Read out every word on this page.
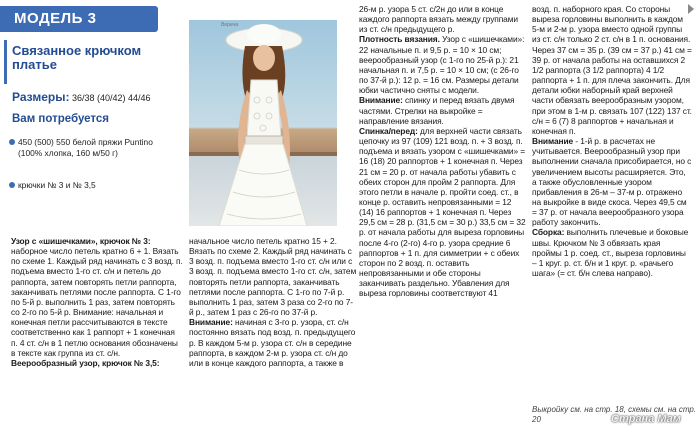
МОДЕЛЬ 3
Связанное крючком платье
Размеры: 36/38 (40/42) 44/46
Вам потребуется
450 (500) 550 белой пряжи Puntino (100% хлопка, 160 м/50 г)
крючки № 3 и № 3,5
Верена

Узор с «шишечками», крючок № 3: наборное число петель кратно 6 + 1. Вязать по схеме 1. Каждый ряд начинать с 3 возд. п. подъема вместо 1-го ст. с/н и петель до раппорта, затем повторять петли раппорта, заканчивать петлями после раппорта. С 1-го по 5-й р. выполнить 1 раз, затем повторять со 2-го по 5-й р. Внимание: начальная и конечная петли рассчитываются в тексте соответственно как 1 раппорт + 1 конечная п. 4 ст. с/н в 1 петлю основания обозначены в тексте как группа из ст. с/н.

Веерообразный узор, крючок № 3,5:

начальное число петель кратно 15 + 2. Вязать по схеме 2. Каждый ряд начинать с 3 возд. п. подъема вместо 1-го ст. с/н или с 3 возд. п. подъема вместо 1-го ст. с/н, затем повторять петли раппорта, заканчивать петлями после раппорта. С 1-го по 7-й р. выполнить 1 раз, затем 3 раза со 2-го по 7-й р., затем 1 раз с 26-го по 37-й р.

Внимание: начиная с 3-го р. узора, ст. с/н постоянно вязать под возд. п. предыдущего р. В каждом 5-м р. узора ст. с/н в середине раппорта, в каждом 2-м р. узора ст. с/н до или в конце каждого раппорта, а также в

26-м р. узора 5 ст. с/2н до или в конце каждого раппорта вязать между группами из ст. с/н предыдущего р.

Плотность вязания. Узор с «шишечками»: 22 начальные п. и 9,5 р. = 10 × 10 см; веерообразный узор (с 1-го по 25-й р.): 21 начальная п. и 7,5 р. = 10 × 10 см; (с 26-го по 37-й р.): 12 р. = 16 см. Размеры детали юбки частично сняты с модели.

Внимание: спинку и перед вязать двумя частями. Стрелки на выкройке = направление вязания.

Спинка/перед: для верхней части связать цепочку из 97 (109) 121 возд. п. + 3 возд. п. подъема и вязать узором с «шишечками» = 16 (18) 20 раппортов + 1 конечная п. Через 21 см = 20 р. от начала работы убавить с обеих сторон для пройм 2 раппорта. Для этого петли в начале р. пройти соед. ст., в конце р. оставить непровязанными = 12 (14) 16 раппортов + 1 конечная п. Через 29,5 см = 28 р. (31,5 см = 30 р.) 33,5 см = 32 р. от начала работы для выреза горловины после 4-го (2-го) 4-го р. узора средние 6 раппортов + 1 п. для симметрии + с обеих сторон по 2 возд. п. оставить непровязанными и обе стороны заканчивать раздельно. Убавления для выреза горловины соответствуют 41

возд. п. наборного края. Со стороны выреза горловины выполнить в каждом 5-м и 2-м р. узора вместо одной группы из ст. с/н только 2 ст. с/н в 1 п. основания. Через 37 см = 35 р. (39 см = 37 р.) 41 см = 39 р. от начала работы на оставшихся 2 1/2 раппорта (3 1/2 раппорта) 4 1/2 раппорта + 1 п. для плеча закончить. Для детали юбки наборный край верхней части обвязать веерообразным узором, при этом в 1-м р. связать 107 (122) 137 ст. с/н = 6 (7) 8 раппортов + начальная и конечная п.

Внимание - 1-й р. в расчетах не учитывается. Веерообразный узор при выполнении сначала присобирается, но с увеличением высоты расширяется. Это, а также обусловленные узором прибавления в 26-м – 37-м р. отражено на выкройке в виде скоса. Через 49,5 см = 37 р. от начала веерообразного узора работу закончить.

Сборка: выполнить плечевые и боковые швы. Крючком № 3 обвязать края проймы 1 р. соед. ст., выреза горловины – 1 круг. р. ст. б/н и 1 круг. р. «рачьего шага» (= ст. б/н слева направо).

Выкройку см. на стр. 18, схемы см. на стр. 20	Страна Мам
